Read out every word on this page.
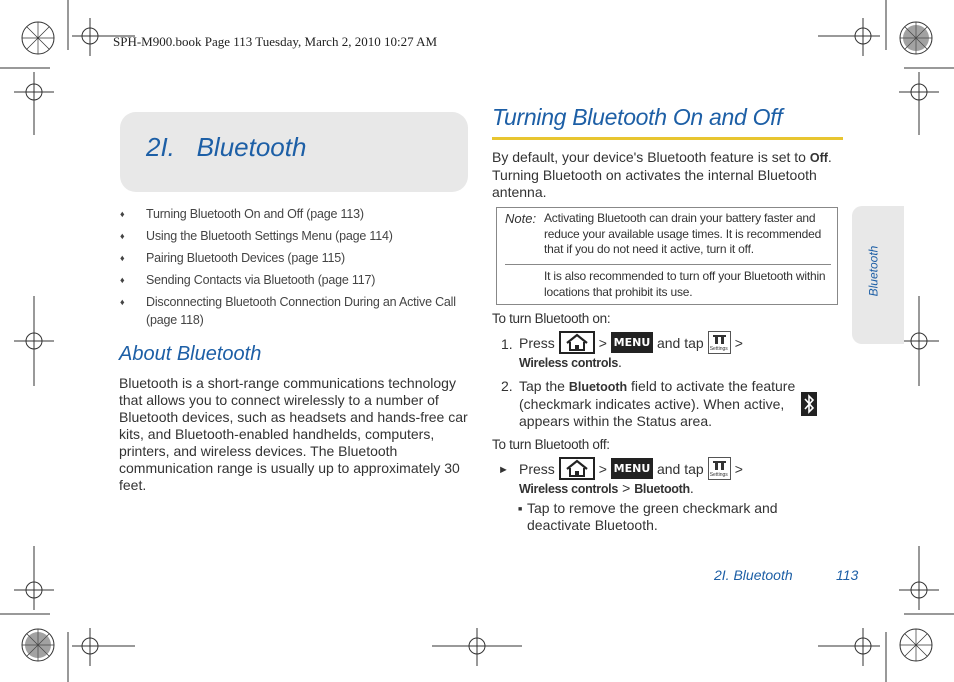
SPH-M900.book Page 113 Tuesday, March 2, 2010 10:27 AM
2I.   Bluetooth
♦ Turning Bluetooth On and Off (page 113)
♦ Using the Bluetooth Settings Menu (page 114)
♦ Pairing Bluetooth Devices (page 115)
♦ Sending Contacts via Bluetooth (page 117)
♦ Disconnecting Bluetooth Connection During an Active Call (page 118)
About Bluetooth
Bluetooth is a short-range communications technology that allows you to connect wirelessly to a number of Bluetooth devices, such as headsets and hands-free car kits, and Bluetooth-enabled handhelds, computers, printers, and wireless devices. The Bluetooth communication range is usually up to approximately 30 feet.
Turning Bluetooth On and Off
By default, your device's Bluetooth feature is set to Off. Turning Bluetooth on activates the internal Bluetooth antenna.
Note: Activating Bluetooth can drain your battery faster and reduce your available usage times. It is recommended that if you do not need it active, turn it off.
It is also recommended to turn off your Bluetooth within locations that prohibit its use.
To turn Bluetooth on:
1. Press	> MENU and tap Settings >
Wireless controls.
2. Tap the Bluetooth field to activate the feature (checkmark indicates active). When active,
appears within the Status area.
To turn Bluetooth off:
► Press	> MENU and tap Settings >
Wireless controls > Bluetooth.
■ Tap to remove the green checkmark and deactivate Bluetooth.
Bluetooth
2I. Bluetooth	113
